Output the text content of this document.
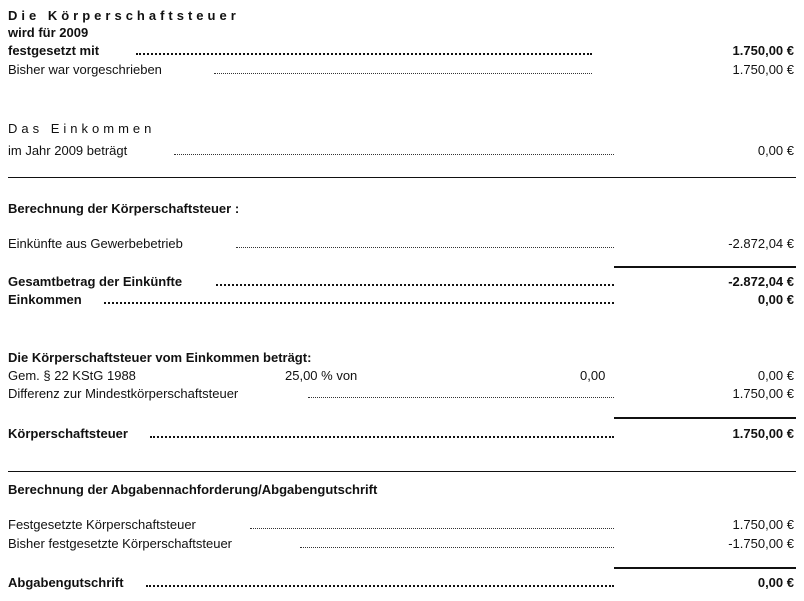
Die Körperschaftsteuer
wird für 2009
festgesetzt mit	1.750,00 €
Bisher war vorgeschrieben	1.750,00 €
Das Einkommen
im Jahr 2009 beträgt	0,00 €
Berechnung der Körperschaftsteuer :
Einkünfte aus Gewerbebetrieb	-2.872,04 €
Gesamtbetrag der Einkünfte	-2.872,04 €
Einkommen	0,00 €
Die Körperschaftsteuer vom Einkommen beträgt:
Gem. § 22 KStG 1988	25,00 % von	0,00	0,00 €
Differenz zur Mindestkörperschaftsteuer	1.750,00 €
Körperschaftsteuer	1.750,00 €
Berechnung der Abgabennachforderung/Abgabengutschrift
Festgesetzte Körperschaftsteuer	1.750,00 €
Bisher festgesetzte Körperschaftsteuer	-1.750,00 €
Abgabengutschrift	0,00 €
